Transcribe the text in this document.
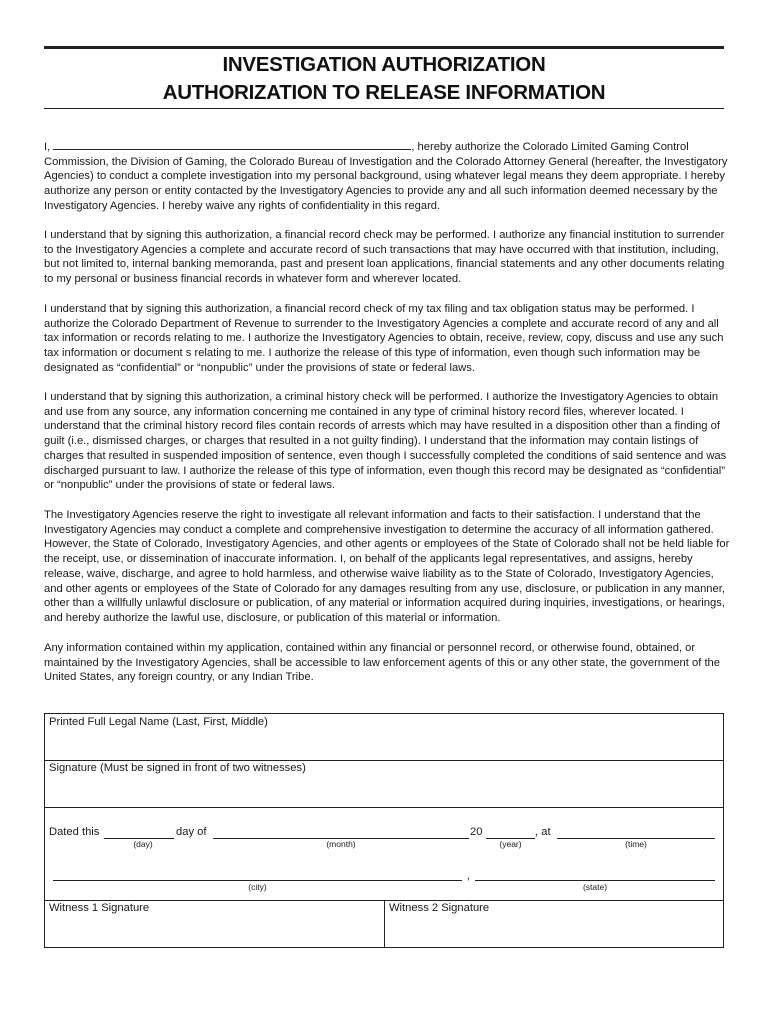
INVESTIGATION AUTHORIZATION
AUTHORIZATION TO RELEASE INFORMATION

I,	, hereby authorize the Colorado Limited Gaming Control Commission, the Division of Gaming, the Colorado Bureau of Investigation and the Colorado Attorney General (hereafter, the Investigatory Agencies) to conduct a complete investigation into my personal background, using whatever legal means they deem appropriate. I hereby authorize any person or entity contacted by the Investigatory Agencies to provide any and all such information deemed necessary by the Investigatory Agencies. I hereby waive any rights of confidentiality in this regard.

I understand that by signing this authorization, a financial record check may be performed. I authorize any financial institution to surrender to the Investigatory Agencies a complete and accurate record of such transactions that may have occurred with that institution, including, but not limited to, internal banking memoranda, past and present loan applications, financial statements and any other documents relating to my personal or business financial records in whatever form and wherever located.

I understand that by signing this authorization, a financial record check of my tax filing and tax obligation status may be performed. I authorize the Colorado Department of Revenue to surrender to the Investigatory Agencies a complete and accurate record of any and all tax information or records relating to me. I authorize the Investigatory Agencies to obtain, receive, review, copy, discuss and use any such tax information or document s relating to me. I authorize the release of this type of information, even though such information may be designated as “confidential” or “nonpublic” under the provisions of state or federal laws.

I understand that by signing this authorization, a criminal history check will be performed. I authorize the Investigatory Agencies to obtain and use from any source, any information concerning me contained in any type of criminal history record files, wherever located. I understand that the criminal history record files contain records of arrests which may have resulted in a disposition other than a finding of guilt (i.e., dismissed charges, or charges that resulted in a not guilty finding). I understand that the information may contain listings of charges that resulted in suspended imposition of sentence, even though I successfully completed the conditions of said sentence and was discharged pursuant to law. I authorize the release of this type of information, even though this record may be designated as “confidential” or “nonpublic” under the provisions of state or federal laws.

The Investigatory Agencies reserve the right to investigate all relevant information and facts to their satisfaction. I understand that the Investigatory Agencies may conduct a complete and comprehensive investigation to determine the accuracy of all information gathered. However, the State of Colorado, Investigatory Agencies, and other agents or employees of the State of Colorado shall not be held liable for the receipt, use, or dissemination of inaccurate information. I, on behalf of the applicants legal representatives, and assigns, hereby release, waive, discharge, and agree to hold harmless, and otherwise waive liability as to the State of Colorado, Investigatory Agencies, and other agents or employees of the State of Colorado for any damages resulting from any use, disclosure, or publication in any manner, other than a willfully unlawful disclosure or publication, of any material or information acquired during inquiries, investigations, or hearings, and hereby authorize the lawful use, disclosure, or publication of this material or information.

Any information contained within my application, contained within any financial or personnel record, or otherwise found, obtained, or maintained by the Investigatory Agencies, shall be accessible to law enforcement agents of this or any other state, the government of the United States, any foreign country, or any Indian Tribe.

Printed Full Legal Name (Last, First, Middle)
Signature (Must be signed in front of two witnesses)
Dated this	day of	20	, at
(day)	(month)	(year)	(time)
,
(city)	(state)
Witness 1 Signature	Witness 2 Signature
